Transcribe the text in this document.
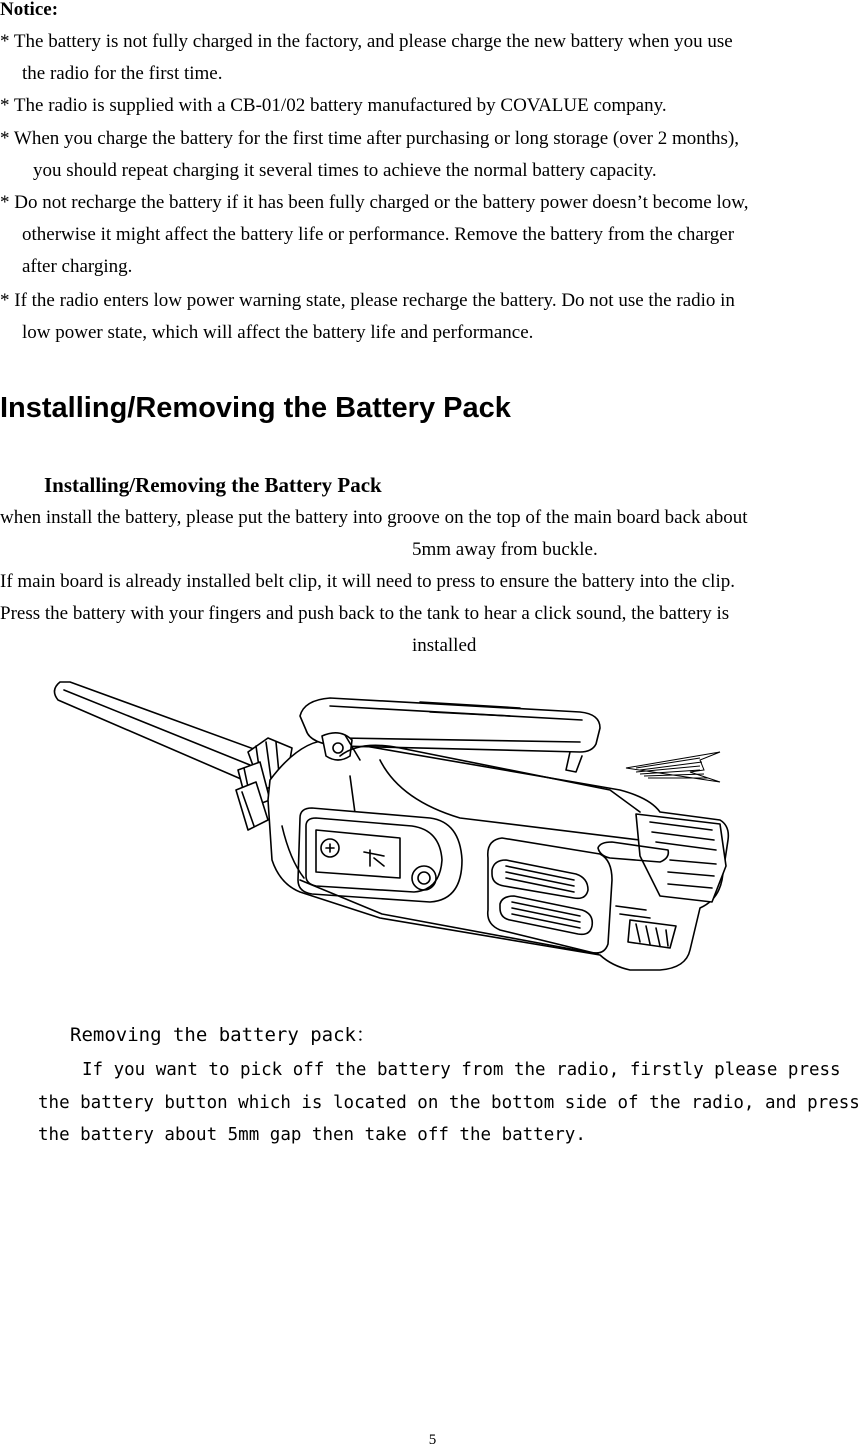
Notice:
* The battery is not fully charged in the factory, and please charge the new battery when you use
the radio for the first time.
* The radio is supplied with a CB-01/02 battery manufactured by COVALUE company.
* When you charge the battery for the first time after purchasing or long storage (over 2 months),
you should repeat charging it several times to achieve the normal battery capacity.
* Do not recharge the battery if it has been fully charged or the battery power doesn’t become low,
otherwise it might affect the battery life or performance. Remove the battery from the charger
after charging.
* If the radio enters low power warning state, please recharge the battery. Do not use the radio in
low power state, which will affect the battery life and performance.
Installing/Removing the Battery Pack
Installing/Removing the Battery Pack
when install the battery, please put the battery into groove on the top of the main board back about
5mm away from buckle.
If main board is already installed belt clip, it will need to press to ensure the battery into the clip.
Press the battery with your fingers and push back to the tank to hear a click sound, the battery is
installed
Removing the battery pack：
If you want to pick off the battery from the radio, firstly please press
the battery button which is located on the bottom side of the radio, and press
the battery about 5mm gap then take off the battery.
5
